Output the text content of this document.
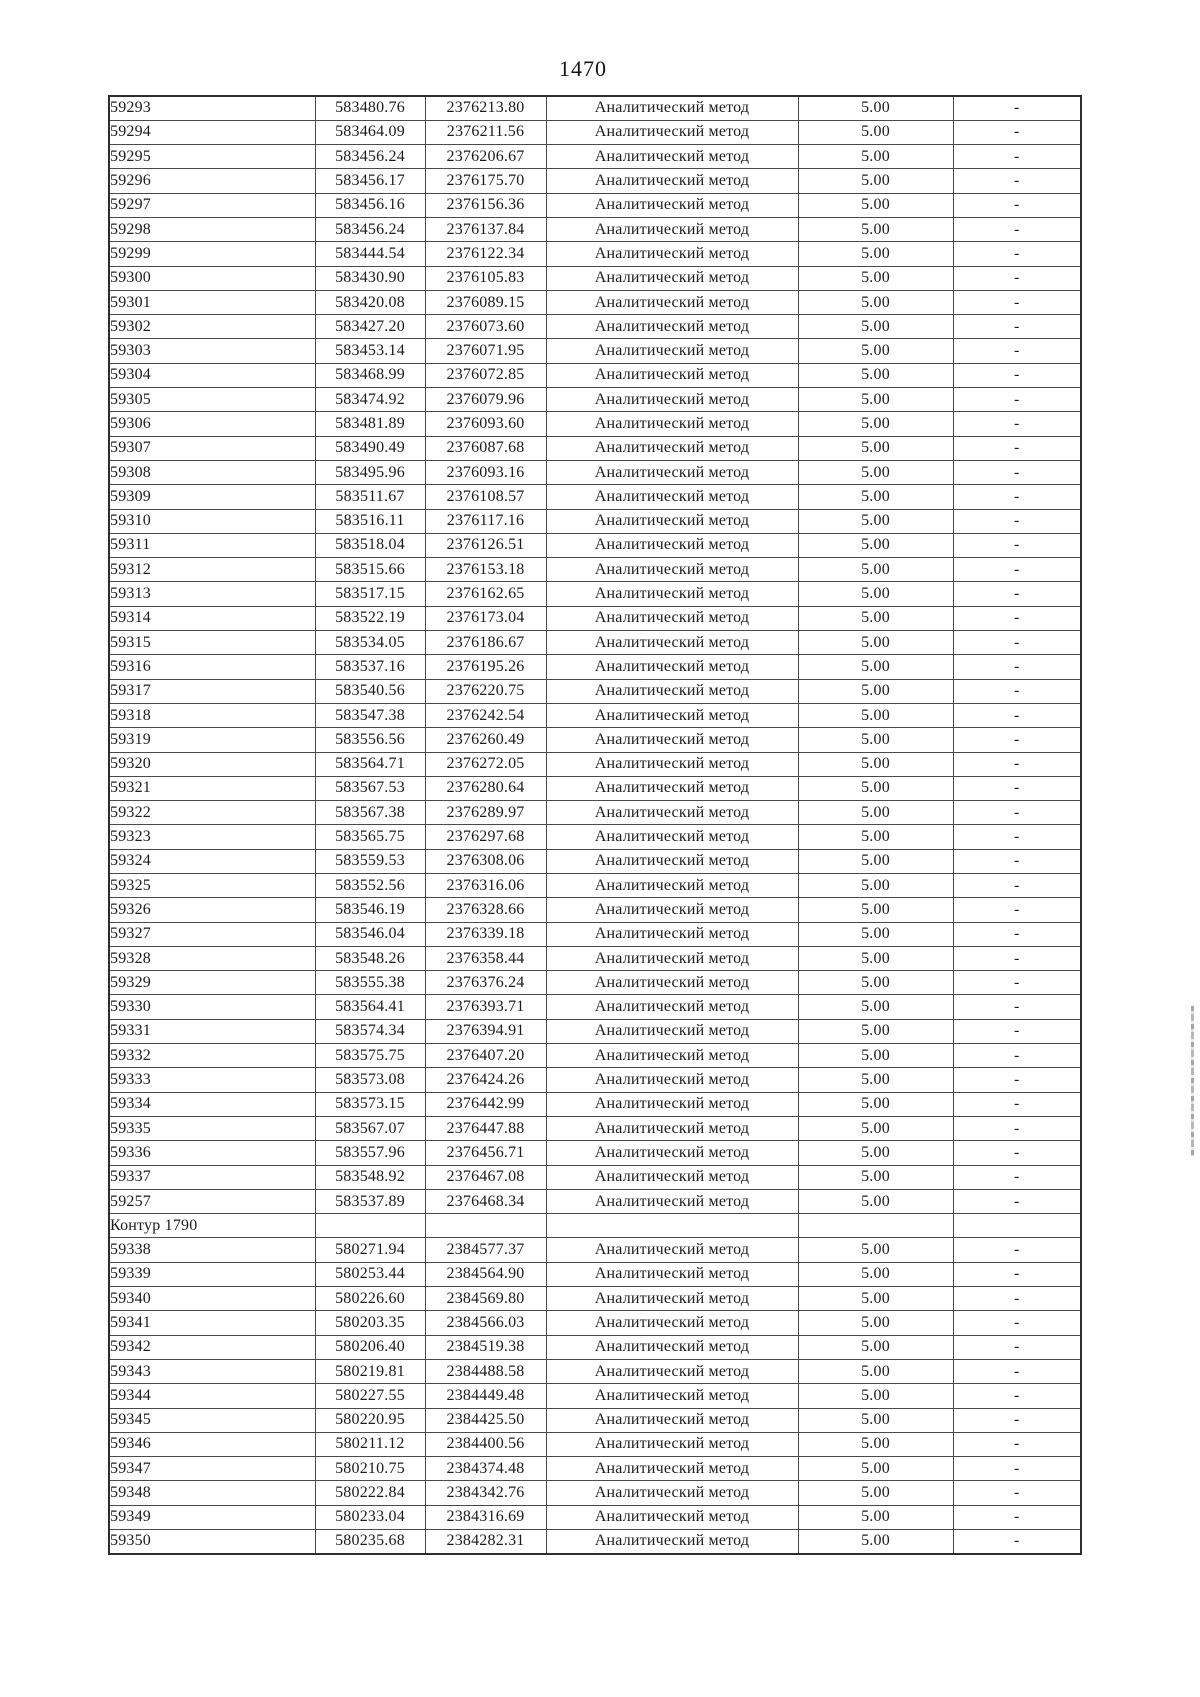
1470
59293	583480.76	2376213.80	Аналитический метод	5.00	-
59294	583464.09	2376211.56	Аналитический метод	5.00	-
59295	583456.24	2376206.67	Аналитический метод	5.00	-
59296	583456.17	2376175.70	Аналитический метод	5.00	-
59297	583456.16	2376156.36	Аналитический метод	5.00	-
59298	583456.24	2376137.84	Аналитический метод	5.00	-
59299	583444.54	2376122.34	Аналитический метод	5.00	-
59300	583430.90	2376105.83	Аналитический метод	5.00	-
59301	583420.08	2376089.15	Аналитический метод	5.00	-
59302	583427.20	2376073.60	Аналитический метод	5.00	-
59303	583453.14	2376071.95	Аналитический метод	5.00	-
59304	583468.99	2376072.85	Аналитический метод	5.00	-
59305	583474.92	2376079.96	Аналитический метод	5.00	-
59306	583481.89	2376093.60	Аналитический метод	5.00	-
59307	583490.49	2376087.68	Аналитический метод	5.00	-
59308	583495.96	2376093.16	Аналитический метод	5.00	-
59309	583511.67	2376108.57	Аналитический метод	5.00	-
59310	583516.11	2376117.16	Аналитический метод	5.00	-
59311	583518.04	2376126.51	Аналитический метод	5.00	-
59312	583515.66	2376153.18	Аналитический метод	5.00	-
59313	583517.15	2376162.65	Аналитический метод	5.00	-
59314	583522.19	2376173.04	Аналитический метод	5.00	-
59315	583534.05	2376186.67	Аналитический метод	5.00	-
59316	583537.16	2376195.26	Аналитический метод	5.00	-
59317	583540.56	2376220.75	Аналитический метод	5.00	-
59318	583547.38	2376242.54	Аналитический метод	5.00	-
59319	583556.56	2376260.49	Аналитический метод	5.00	-
59320	583564.71	2376272.05	Аналитический метод	5.00	-
59321	583567.53	2376280.64	Аналитический метод	5.00	-
59322	583567.38	2376289.97	Аналитический метод	5.00	-
59323	583565.75	2376297.68	Аналитический метод	5.00	-
59324	583559.53	2376308.06	Аналитический метод	5.00	-
59325	583552.56	2376316.06	Аналитический метод	5.00	-
59326	583546.19	2376328.66	Аналитический метод	5.00	-
59327	583546.04	2376339.18	Аналитический метод	5.00	-
59328	583548.26	2376358.44	Аналитический метод	5.00	-
59329	583555.38	2376376.24	Аналитический метод	5.00	-
59330	583564.41	2376393.71	Аналитический метод	5.00	-
59331	583574.34	2376394.91	Аналитический метод	5.00	-
59332	583575.75	2376407.20	Аналитический метод	5.00	-
59333	583573.08	2376424.26	Аналитический метод	5.00	-
59334	583573.15	2376442.99	Аналитический метод	5.00	-
59335	583567.07	2376447.88	Аналитический метод	5.00	-
59336	583557.96	2376456.71	Аналитический метод	5.00	-
59337	583548.92	2376467.08	Аналитический метод	5.00	-
59257	583537.89	2376468.34	Аналитический метод	5.00	-
Контур 1790					
59338	580271.94	2384577.37	Аналитический метод	5.00	-
59339	580253.44	2384564.90	Аналитический метод	5.00	-
59340	580226.60	2384569.80	Аналитический метод	5.00	-
59341	580203.35	2384566.03	Аналитический метод	5.00	-
59342	580206.40	2384519.38	Аналитический метод	5.00	-
59343	580219.81	2384488.58	Аналитический метод	5.00	-
59344	580227.55	2384449.48	Аналитический метод	5.00	-
59345	580220.95	2384425.50	Аналитический метод	5.00	-
59346	580211.12	2384400.56	Аналитический метод	5.00	-
59347	580210.75	2384374.48	Аналитический метод	5.00	-
59348	580222.84	2384342.76	Аналитический метод	5.00	-
59349	580233.04	2384316.69	Аналитический метод	5.00	-
59350	580235.68	2384282.31	Аналитический метод	5.00	-
